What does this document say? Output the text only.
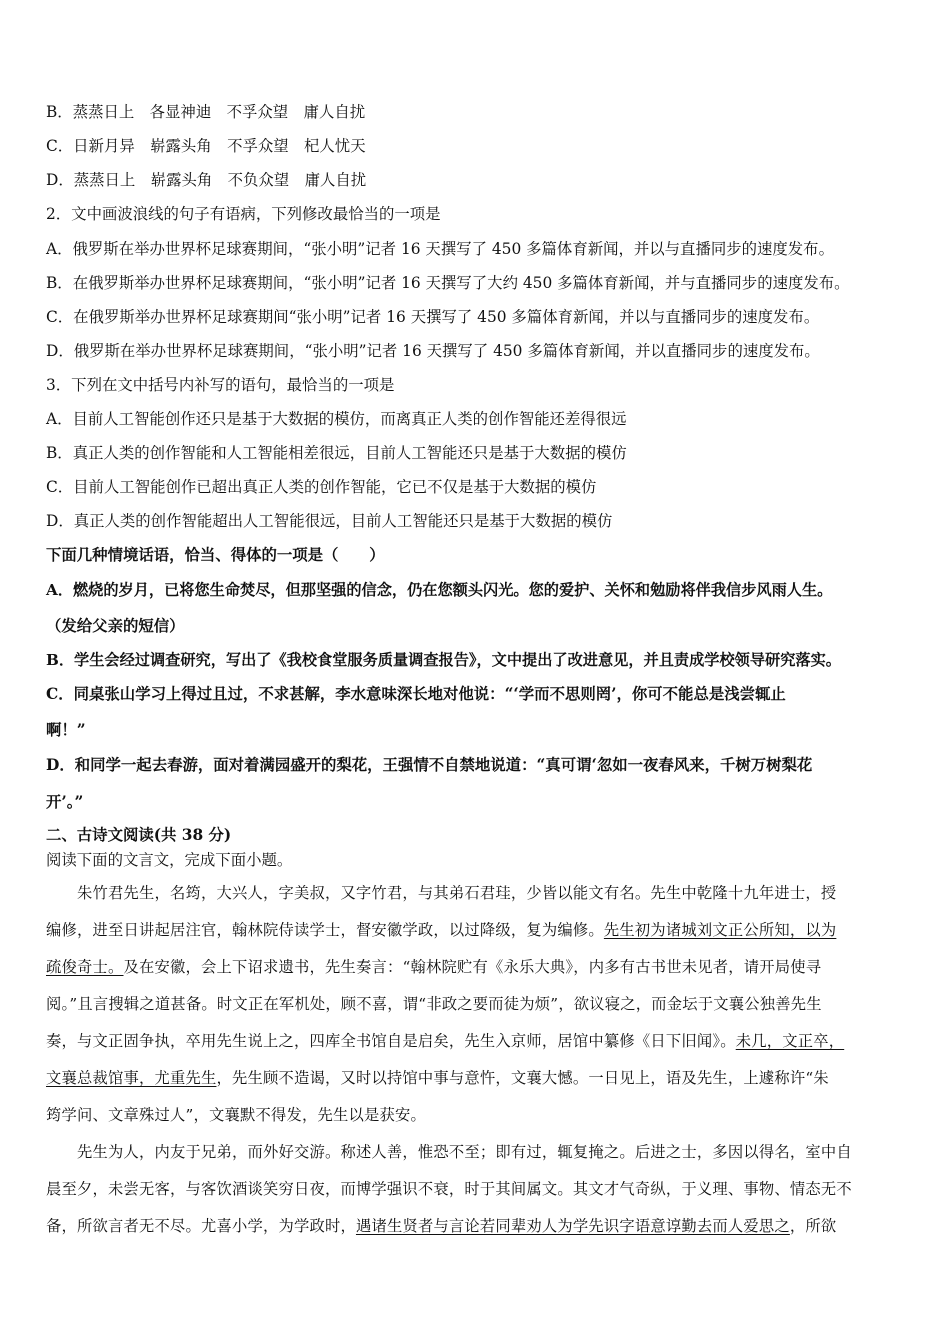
B．蒸蒸日上　各显神迪　不孚众望　庸人自扰
C．日新月异　崭露头角　不孚众望　杞人忧天
D．蒸蒸日上　崭露头角　不负众望　庸人自扰
2．文中画波浪线的句子有语病，下列修改最恰当的一项是
A．俄罗斯在举办世界杯足球赛期间，“张小明”记者 16 天撰写了 450 多篇体育新闻，并以与直播同步的速度发布。
B．在俄罗斯举办世界杯足球赛期间，“张小明”记者 16 天撰写了大约 450 多篇体育新闻，并与直播同步的速度发布。
C．在俄罗斯举办世界杯足球赛期间“张小明”记者 16 天撰写了 450 多篇体育新闻，并以与直播同步的速度发布。
D．俄罗斯在举办世界杯足球赛期间，“张小明”记者 16 天撰写了 450 多篇体育新闻，并以直播同步的速度发布。
3．下列在文中括号内补写的语句，最恰当的一项是
A．目前人工智能创作还只是基于大数据的模仿，而离真正人类的创作智能还差得很远
B．真正人类的创作智能和人工智能相差很远，目前人工智能还只是基于大数据的模仿
C．目前人工智能创作已超出真正人类的创作智能，它已不仅是基于大数据的模仿
D．真正人类的创作智能超出人工智能很远，目前人工智能还只是基于大数据的模仿
下面几种情境话语，恰当、得体的一项是（　　）
A．燃烧的岁月，已将您生命焚尽，但那坚强的信念，仍在您额头闪光。您的爱护、关怀和勉励将伴我信步风雨人生。
（发给父亲的短信）
B．学生会经过调查研究，写出了《我校食堂服务质量调查报告》，文中提出了改进意见，并且责成学校领导研究落实。
C．同桌张山学习上得过且过，不求甚解，李水意味深长地对他说：“‘学而不思则罔’，你可不能总是浅尝辄止
啊！”
D．和同学一起去春游，面对着满园盛开的梨花，王强情不自禁地说道：“真可谓‘忽如一夜春风来，千树万树梨花
开’。”
二、古诗文阅读(共 38 分)
阅读下面的文言文，完成下面小题。
　　朱竹君先生，名筠，大兴人，字美叔，又字竹君，与其弟石君珪，少皆以能文有名。先生中乾隆十九年进士，授
编修，进至日讲起居注官，翰林院侍读学士，督安徽学政，以过降级，复为编修。先生初为诸城刘文正公所知，以为
疏俊奇士。及在安徽，会上下诏求遗书，先生奏言：“翰林院贮有《永乐大典》，内多有古书世未见者，请开局使寻
阅。”且言搜辑之道甚备。时文正在军机处，顾不喜，谓“非政之要而徒为烦”，欲议寝之，而金坛于文襄公独善先生
奏，与文正固争执，卒用先生说上之，四库全书馆自是启矣，先生入京师，居馆中纂修《日下旧闻》。未几，文正卒，
文襄总裁馆事，尤重先生，先生顾不造谒，又时以持馆中事与意忤，文襄大憾。一日见上，语及先生，上遽称许“朱
筠学问、文章殊过人”，文襄默不得发，先生以是获安。
　　先生为人，内友于兄弟，而外好交游。称述人善，惟恐不至；即有过，辄复掩之。后进之士，多因以得名，室中自
晨至夕，未尝无客，与客饮酒谈笑穷日夜，而博学强识不衰，时于其间属文。其文才气奇纵，于义理、事物、情态无不
备，所欲言者无不尽。尤喜小学，为学政时，遇诸生贤者与言论若同辈劝人为学先识字语意谆勤去而人爱思之，所欲
